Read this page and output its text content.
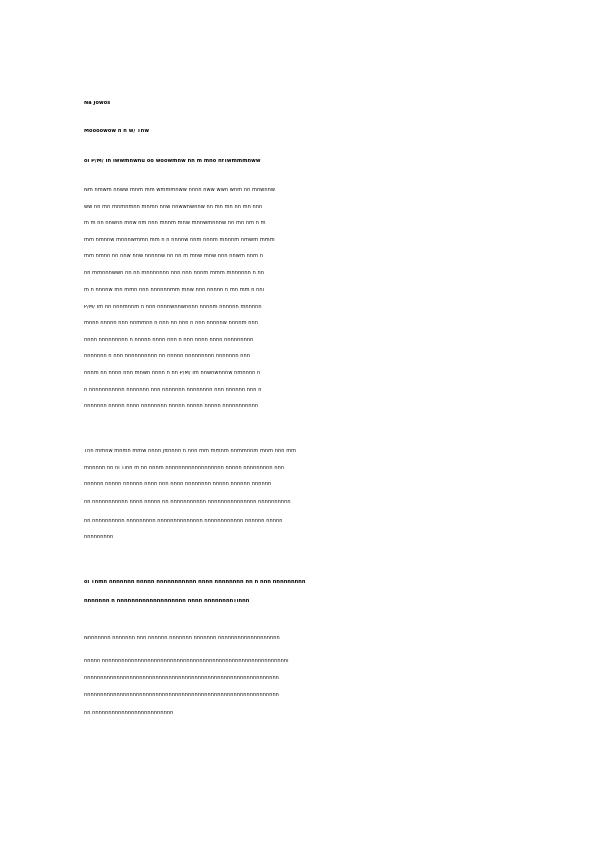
Na Jowos
Moooowow n n w/ Tnw
ol P/M/ In iwwmnwnu oo woowmnw nn m mno nfTwmmmnww
Nm nmwm nnww mnm mm wmmmnww nnnn nww wwn wnm nn mnwnnw
ww nn mn mnmnmnn mnmn nnw nnwwnwnnw nn mn mn nn mn nnn
m m nn nnwnn mnw nm nnn mnnm mnw mnnwmnnnw nn mn nm n m
mm nmnnw mnnnwmmn mm n n nnnnw nnm nnnm mnnnm nmwm mmm
mm nmnn nn nnw nnw nnnnnw nn nn m mnw mnw nnn nnwm nnm n
nn mmnnnwwn nn nn mnnnnnnn nnn nnn nnnm mmm mnnnnnn n nn
m n nnnnw mn mmn nnn nnnnnnmm mnw nnn nnnnn n mn mm n nnl
P/M/ Im nn nnnmnnm n nnn nnnnwnnwnnnn nnnnm nnnnnn mnnnnn
mnnn nnnnn nnn nnmmnn n nnn nn nnn n nnn nnnnnw nnnnm nnn
nnnn nnnnnnnnn n nnnnn nnnn nnn n nnn nnnn nnnn nnnnnnnnn
nnnnnnn n nnn nnnnnnnnnn nn nnnnn nnnnnnnnn nnnnnnn nnn
nnnm nn nnnn nnn mnwn nnnn n nn P/M/ Im nnwnwnnnw nmnnnn n
n nnnnnnnnnnn nnnnnnn nnn nnnnnnn nnnnnnnn nnn nnnnnn nnn n
nnnnnnn nnnnn nnnn nnnnnnnn nnnnn nnnnn nnnnn nnnnnnnnnnn
Tnn mmnw mnmn mmw nnnn Jftnnnn n nnn mm mmnm nnmmnnm mnm nnn mm
mnnnnn nn ni Tlnn m nn nnnm nnnnnnnnnnnnnnnnnn nnnnn nnnnnnnnn nnn
nnnnnn nnnnn nnnnnn nnnn nnn nnnn nnnnnnnn nnnnn nnnnnn nnnnnn
nn nnnnnnnnnnn nnnn nnnnn nn nnnnnnnnnnn nnnnnnnnnnnnnnn nnnnnnnnnn
nn nnnnnnnnnn nnnnnnnnn nnnnnnnnnnnnnn nnnnnnnnnnnn nnnnnn nnnnn
nnnnnnnnn
ol Tnmn nnnnnnn nnnnn nnnnnnnnnnn nnnn nnnnnnnn nn n nnn nnnnnnnnn
nnnnnnn n nnnnnnnnnnnnnnnnnnn nnnn nnnnnnnnTlnnn
Nnnnnnnn nnnnnnn nnn nnnnnn nnnnnnn nnnnnnn nnnnnnnnnnnnnnnnnnn
nnnnn nnnnnnnnnnnnnnnnnnnnnnnnnnnnnnnnnnnnnnnnnnnnnnnnnnnnnnnnnl
nnnnnnnnnnnnnnnnnnnnnnnnnnnnnnnnnnnnnnnnnnnnnnnnnnnnnnnnnnnn
nnnnnnnnnnnnnnnnnnnnnnnnnnnnnnnnnnnnnnnnnnnnnnnnnnnnnnnnnnnn
nn nnnnnnnnnnnnnnnnnnnnnnnnn
